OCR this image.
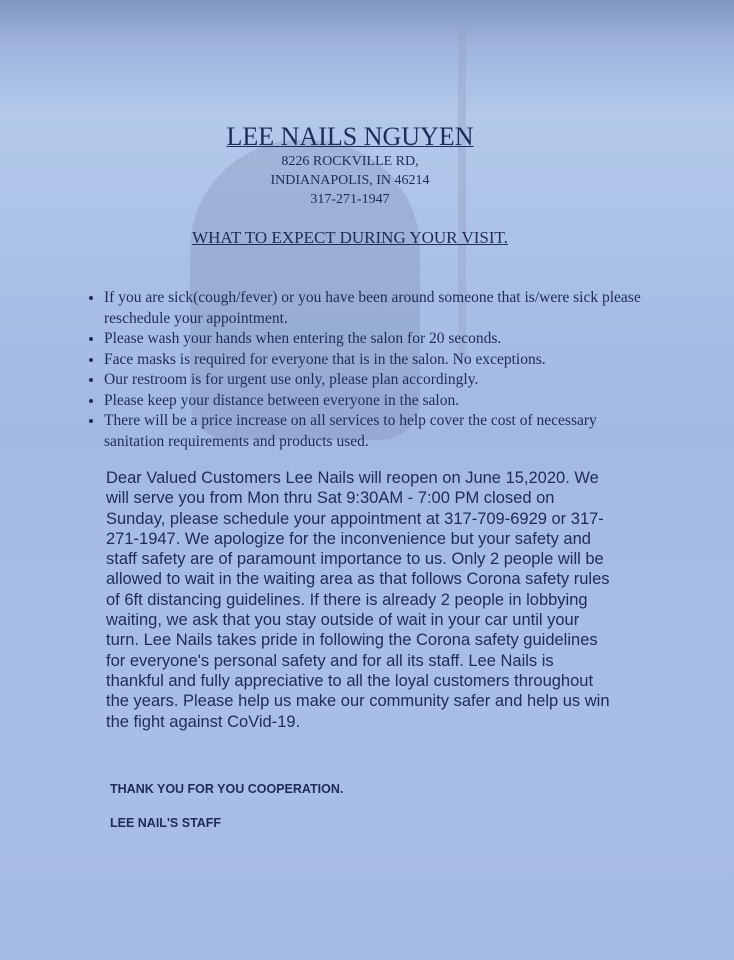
LEE NAILS NGUYEN
8226 ROCKVILLE RD,
INDIANAPOLIS, IN 46214
317-271-1947
WHAT TO EXPECT DURING YOUR VISIT.
• If you are sick(cough/fever) or you have been around someone that is/were sick please reschedule your appointment.
• Please wash your hands when entering the salon for 20 seconds.
• Face masks is required for everyone that is in the salon. No exceptions.
• Our restroom is for urgent use only, please plan accordingly.
• Please keep your distance between everyone in the salon.
• There will be a price increase on all services to help cover the cost of necessary sanitation requirements and products used.
Dear Valued Customers Lee Nails will reopen on June 15,2020. We
will serve you from Mon thru Sat 9:30AM - 7:00 PM closed on
Sunday, please schedule your appointment at 317-709-6929 or 317-
271-1947. We apologize for the inconvenience but your safety and
staff safety are of paramount importance to us. Only 2 people will be
allowed to wait in the waiting area as that follows Corona safety rules
of 6ft distancing guidelines. If there is already 2 people in lobbying
waiting, we ask that you stay outside of wait in your car until your
turn. Lee Nails takes pride in following the Corona safety guidelines
for everyone's personal safety and for all its staff. Lee Nails is
thankful and fully appreciative to all the loyal customers throughout
the years. Please help us make our community safer and help us win
the fight against CoVid-19.
THANK YOU FOR YOU COOPERATION.
LEE NAIL'S STAFF
